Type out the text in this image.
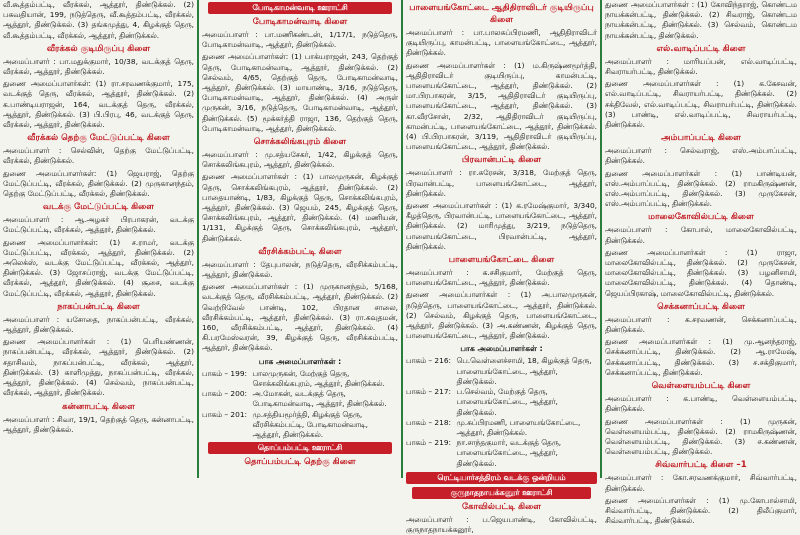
வீ.கூத்தம்பட்டி, வீரக்கல், ஆத்தூர், திண்டுக்கல். (2) பகவதியான், 199, நடுத்தெரு, வீ.கூத்தம்பட்டி, வீரக்கல், ஆத்தூர், திண்டுக்கல். (3) தங்கமுத்து, 4, கிழக்குத் தெரு, வீ.கூத்தம்பட்டி, வீரக்கல், ஆத்தூர், திண்டுக்கல்.

வீரக்கல் குடிமிருப்பு கிளை

அமைப்பாளர் : பா.மதுக்குமார், 10/38, வடக்குத் தெரு, வீரக்கல், ஆத்தூர், திண்டுக்கல்.

துணை அமைப்பாளர்கள்: (1) ரா.சரவணக்குமார், 175, வடக்குத் தெரு, வீரக்கல், ஆத்தூர், திண்டுக்கல். (2) க.பாண்டியராஜன், 164, வடக்குத் தெரு, வீரக்கல், ஆத்தூர், திண்டுக்கல். (3) பி.பிரபு, 46, வடக்குத் தெரு, வீரக்கல், ஆத்தூர், திண்டுக்கல்.

வீரக்கல் தெற்கு மேட்டுப்பட்டி கிளை

அமைப்பாளர் : செல்வின், தெற்கு மேட்டுப்பட்டி, வீரக்கல், திண்டுக்கல்.

துணை அமைப்பாளர்கள்: (1) ஜெயராஜ், தெற்கு மேட்டுப்பட்டி, வீரக்கல், திண்டுக்கல். (2) முருகானந்தம், தெற்கு மேட்டுப்பட்டி, வீரக்கல், திண்டுக்கல்.

வடக்கு மேட்டுப்பட்டி கிளை

அமைப்பாளர் : ஆ.அழகர் பிரபாகரன், வடக்கு மேட்டுப்பட்டி, வீரக்கல், ஆத்தூர், திண்டுக்கல்.

துணை அமைப்பாளர்கள்: (1) ச.ராமர், வடக்கு மேட்டுப்பட்டி, வீரக்கல், ஆத்தூர், திண்டுக்கல். (2) அலெக்ஸ், வடக்கு மேட்டுப்பட்டி, வீரக்கல், ஆத்தூர், திண்டுக்கல். (3) ஜோசப்ராஜ், வடக்கு மேட்டுப்பட்டி, வீரக்கல், ஆத்தூர், திண்டுக்கல். (4) சூசை, வடக்கு மேட்டுப்பட்டி, வீரக்கல், ஆத்தூர், திண்டுக்கல்.

நாகப்பன்பட்டி கிளை

அமைப்பாளர் : யசோதை, நாகப்பன்பட்டி, வீரக்கல், ஆத்தூர், திண்டுக்கல்.

துணை அமைப்பாளர்கள் : (1) பெரியண்ணன், நாகப்பன்பட்டி, வீரக்கல், ஆத்தூர், திண்டுக்கல். (2) சதாசிவம், நாகப்பன்பட்டி, வீரக்கல், ஆத்தூர், திண்டுக்கல். (3) காளிமுத்து, நாகப்பன்பட்டி, வீரக்கல், ஆத்தூர், திண்டுக்கல். (4) செல்வம், நாகப்பன்பட்டி, வீரக்கல், ஆத்தூர், திண்டுக்கல்.

கன்னாபட்டி கிளை

அமைப்பாளர் : சிவா, 19/1, தெற்குத் தெரு, கன்னாபட்டி, ஆத்தூர், திண்டுக்கல்.

போடிகாமன்வாடி ஊராட்சி
போடிகாமன்வாடி கிளை

அமைப்பாளர் : பா.மணிகண்டன், 1/17/1, நடுத்தெரு, போடிகாமன்வாடி, ஆத்தூர், திண்டுக்கல்.

துணை அமைப்பாளர்கள்: (1) பாக்யராஜன், 243, தெற்குத் தெரு, போடிகாமன்வாடி, ஆத்தூர், திண்டுக்கல். (2) செல்வம், 4/65, தெற்குத் தெரு, போடிகாமன்வாடி, ஆத்தூர், திண்டுக்கல். (3) மாயாண்டி, 3/16, நடுத்தெரு, போடிகாமன்வாடி, ஆத்தூர், திண்டுக்கல். (4) அருள் முருகன், 3/16, நடுத்தெரு, போடிகாமன்வாடி, ஆத்தூர், திண்டுக்கல். (5) மூக்கர்த்தி ராஜா, 136, தெற்குத் தெரு, போடிகாமன்வாடி, ஆத்தூர், திண்டுக்கல்.

சொக்கலிங்கபுரம் கிளை

அமைப்பாளர் : மு.சத்யசேகர், 1/42, கிழக்குத் தெரு, சொக்கலிங்கபுரம், ஆத்தூர், திண்டுக்கல்.

துணை அமைப்பாளர்கள் : (1) பாலமுருகன், கிழக்குத் தெரு, சொக்கலிங்கபுரம், ஆத்தூர், திண்டுக்கல். (2) பாதையாண்டி, 1/83, கிழக்குத் தெரு, சொக்கலிங்கபுரம், ஆத்தூர், திண்டுக்கல். (3) ஜெயம், 245, கிழக்குத் தெரு, சொக்கலிங்கபுரம், ஆத்தூர், திண்டுக்கல். (4) மணியன், 1/131, கிழக்குத் தெரு, சொக்கலிங்கபுரம், ஆத்தூர், திண்டுக்கல்.

வீரசிக்கம்பட்டி கிளை

அமைப்பாளர் : தேபுபாலன், நடுத்தெரு, வீரசிக்கம்பட்டி, ஆத்தூர், திண்டுக்கல்.

துணை அமைப்பாளர்கள் : (1) முருகானந்தம், 5/168, வடக்குத் தெரு, வீரசிக்கம்பட்டி, ஆத்தூர், திண்டுக்கல். (2) வெற்றிவேல் பாண்டி, 102, பிரதான சாலை, வீரசிக்கம்பட்டி, ஆத்தூர், திண்டுக்கல். (3) ரா.கவுதமன், 160, வீரசிக்கம்பட்டி, ஆத்தூர், திண்டுக்கல். (4) கி.பரமேஸ்வரன், 39, கிழக்குத் தெரு, வீரசிக்கம்பட்டி, ஆத்தூர், திண்டுக்கல்.

பாக அமைப்பாளர்கள் :
பாகம் – 199	:	பாலமுருகன், மேற்குத் தெரு, சொக்கலிங்கபுரம், ஆத்தூர், திண்டுக்கல்.
பாகம் – 200	:	அ.மோகன், வடக்குத் தெரு, போடிகாமன்வாடி, ஆத்தூர், திண்டுக்கல்.
பாகம் – 201	:	மு.சத்தியமூர்த்தி, கிழக்குத் தெரு, வீரசிக்கம்பட்டி, போடிகாமன்வாடி, ஆத்தூர், திண்டுக்கல்.
தொப்பம்பட்டி ஊராட்சி
தொப்பம்பட்டி தெற்கு கிளை
பாளையங்கோட்டை ஆதிதிராவிடர் குடியிருப்பு கிளை

அமைப்பாளர் : பா.பாலசுப்பிரமணி, ஆதிதிராவிடர் குடியிருப்பு, காமன்பட்டி, பாளையங்கோட்டை, ஆத்தூர், திண்டுக்கல்.

துணை அமைப்பாளர்கள் : (1) ம.கிருஷ்ணமூர்த்தி, ஆதிதிராவிடர் குடியிருப்பு, காமன்பட்டி, பாளையங்கோட்டை, ஆத்தூர், திண்டுக்கல். (2) மா.பிரபாகரன், 3/15, ஆதிதிராவிடர் குடியிருப்பு, பாளையங்கோட்டை, ஆத்தூர், திண்டுக்கல். (3) கா.வீரசோன், 2/32, ஆதிதிராவிடர் குடியிருப்பு, காமன்பட்டி, பாளையங்கோட்டை, ஆத்தூர், திண்டுக்கல். (4) பி.பிரபாகரன், 3/119, ஆதிதிராவிடர் குடியிருப்பு, பாளையங்கோட்டை, ஆத்தூர், திண்டுக்கல்.

பிரவான்பட்டி கிளை

அமைப்பாளர் : ரா.சுரேசன், 3/318, மேற்குத் தெரு, பிரவான்பட்டி, பாளையங்கோட்டை, ஆத்தூர், திண்டுக்கல்.

துணை அமைப்பாளர்கள் : (1) க.ரமேஷ்குமார், 3/340, கீழத்தெரு, பிரவான்பட்டி, பாளையங்கோட்டை, ஆத்தூர், திண்டுக்கல். (2) மாரிமுத்து, 3/219, நடுத்தெரு, பாளையங்கோட்டை, பிரவான்பட்டி, ஆத்தூர், திண்டுக்கல்.

பாளையங்கோட்டை கிளை

அமைப்பாளர் : க.சசிகுமார், மேற்குத் தெரு, பாளையங்கோட்டை, ஆத்தூர், திண்டுக்கல்.

துணை அமைப்பாளர்கள் : (1) அ.பாலமுருகன், நடுத்தெரு, பாளையங்கோட்டை, ஆத்தூர், திண்டுக்கல். (2) செல்வம், கிழக்குத் தெரு, பாளையங்கோட்டை, ஆத்தூர், திண்டுக்கல். (3) அ.கண்ணன், கிழக்குத் தெரு, பாளையங்கோட்டை, ஆத்தூர், திண்டுக்கல்.

பாக அமைப்பாளர்கள் :
பாகம் – 216	:	பெ.வெள்ளைச்சாமி, 18, கிழக்குத் தெரு, பாளையங்கோட்டை, ஆத்தூர், திண்டுக்கல்.
பாகம் – 217	:	ப.செல்வம், மேற்குத் தெரு, பாளையங்கோட்டை, ஆத்தூர், திண்டுக்கல்.
பாகம் – 218	:	மு.சுப்பிரமணி, பாளையங்கோட்டை, ஆத்தூர், திண்டுக்கல்.
பாகம் – 219	:	நா.சாந்தகுமார், வடக்குத் தெரு, பாளையங்கோட்டை, ஆத்தூர், திண்டுக்கல்.
ரெட்டியார்சத்திரம் வடக்கு ஒன்றியம்
குருநாதநாயக்கனூர் ஊராட்சி
கோவில்பட்டி கிளை

அமைப்பாளர் : ப.ஜெயபாண்டி, கோவில்பட்டி, குருநாதநாயக்கனூர்,

துணை அமைப்பாளர்கள் : (1) கோவிந்தராஜ், கொண்டம நாயக்கன்பட்டி, திண்டுக்கல். (2) சிவராஜ், கொண்டம நாயக்கன்பட்டி, திண்டுக்கல். (3) செல்வம், கொண்டம நாயக்கன்பட்டி, திண்டுக்கல்.

எல்.வாடிப்பட்டி கிளை

அமைப்பாளர் : மாரியப்பன், எல்.வாடிப்பட்டி, சிவராயர்பட்டி, திண்டுக்கல்.

துணை அமைப்பாளர்கள் : (1) க.கேசவன், எல்.வாடிப்பட்டி, சிவராயர்பட்டி, திண்டுக்கல். (2) சக்திவேல், எல்.வாடிப்பட்டி, சிவராயர்பட்டி, திண்டுக்கல். (3) பாண்டி, எல்.வாடிப்பட்டி, சிவராயர்பட்டி, திண்டுக்கல்.

அம்பாப்பட்டி கிளை

அமைப்பாளர் : செல்வராஜ், எஸ்.அம்பாப்பட்டி, திண்டுக்கல்.

துணை அமைப்பாளர்கள் : (1) பாண்டியன், எஸ்.அம்பாப்பட்டி, திண்டுக்கல். (2) ராமகிருஷ்ணன், எஸ்.அம்பாப்பட்டி, திண்டுக்கல். (3) முருகேசன், எஸ்.அம்பாப்பட்டி, திண்டுக்கல்.

மாலைகோவில்பட்டி கிளை

அமைப்பாளர் : கோபால், மாலைகோவில்பட்டி, திண்டுக்கல்.

துணை அமைப்பாளர்கள் : (1) ராஜா, மாலைகோவில்பட்டி, திண்டுக்கல். (2) முருகேசன், மாலைகோவில்பட்டி, திண்டுக்கல். (3) பழனிசாமி, மாலைகோவில்பட்டி, திண்டுக்கல். (4) தொண்டி, ஜெயப்பிரகாஷ், மாலைகோவில்பட்டி, திண்டுக்கல்.

செக்கனாப்பட்டி கிளை

அமைப்பாளர் : க.சரவணன், செக்கனாப்பட்டி, திண்டுக்கல்.

துணை அமைப்பாளர்கள் : (1) மு.ஆனந்தராஜ், செக்கனாப்பட்டி, திண்டுக்கல். (2) ஆ.ராமேஷ், செக்கனாப்பட்டி, திண்டுக்கல். (3) ச.சக்திகுமார், செக்கனாப்பட்டி, திண்டுக்கல்.

வெள்ளையம்பட்டி கிளை

அமைப்பாளர் : க.பாண்டி, வெள்ளையம்பட்டி, திண்டுக்கல்.

துணை அமைப்பாளர்கள் : (1) முருகன், வெள்ளையம்பட்டி, திண்டுக்கல். (2) ராமகிருஷ்ணன், வெள்ளையம்பட்டி, திண்டுக்கல். (3) ச.கண்ணன், வெள்ளையம்பட்டி, திண்டுக்கல்.

சிவ்வார்பட்டி கிளை –1

அமைப்பாளர் : கோ.சரவணக்குமார், சிவ்வார்பட்டி, திண்டுக்கல்.

துணை அமைப்பாளர்கள் : (1) மு.கோபால்சாமி, சிவ்வார்பட்டி, திண்டுக்கல். (2) திலீப்குமார், சிவ்வார்பட்டி, திண்டுக்கல்.
